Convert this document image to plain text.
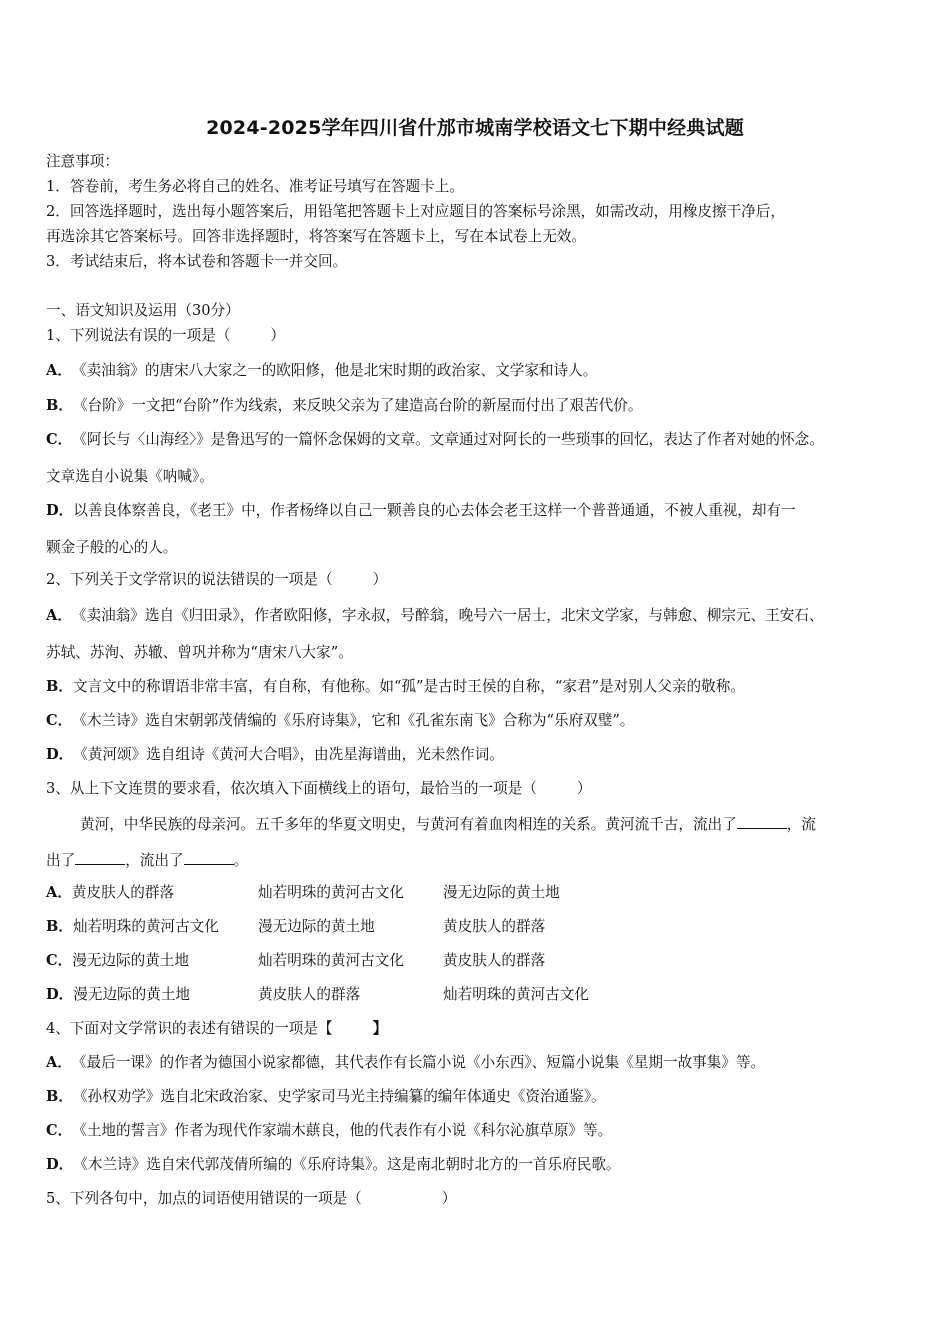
2024-2025学年四川省什邡市城南学校语文七下期中经典试题
注意事项：
1．答卷前，考生务必将自己的姓名、准考证号填写在答题卡上。
2．回答选择题时，选出每小题答案后，用铅笔把答题卡上对应题目的答案标号涂黑，如需改动，用橡皮擦干净后，
再选涂其它答案标号。回答非选择题时，将答案写在答题卡上，写在本试卷上无效。
3．考试结束后，将本试卷和答题卡一并交回。
一、语文知识及运用（30分）
1、下列说法有误的一项是（	）
A．《卖油翁》的唐宋八大家之一的欧阳修，他是北宋时期的政治家、文学家和诗人。
B．《台阶》一文把“台阶”作为线索，来反映父亲为了建造高台阶的新屋而付出了艰苦代价。
C．《阿长与〈山海经〉》是鲁迅写的一篇怀念保姆的文章。文章通过对阿长的一些琐事的回忆，表达了作者对她的怀念。
文章选自小说集《呐喊》。
D．以善良体察善良，《老王》中，作者杨绛以自己一颗善良的心去体会老王这样一个普普通通，不被人重视，却有一
颗金子般的心的人。
2、下列关于文学常识的说法错误的一项是（	）
A．《卖油翁》选自《归田录》，作者欧阳修，字永叔，号醉翁，晚号六一居士，北宋文学家，与韩愈、柳宗元、王安石、
苏轼、苏洵、苏辙、曾巩并称为“唐宋八大家”。
B．文言文中的称谓语非常丰富，有自称，有他称。如“孤”是古时王侯的自称，“家君”是对别人父亲的敬称。
C．《木兰诗》选自宋朝郭茂倩编的《乐府诗集》，它和《孔雀东南飞》合称为“乐府双璧”。
D．《黄河颂》选自组诗《黄河大合唱》，由冼星海谱曲，光未然作词。
3、从上下文连贯的要求看，依次填入下面横线上的语句，最恰当的一项是（	）
黄河，中华民族的母亲河。五千多年的华夏文明史，与黄河有着血肉相连的关系。黄河流千古，流出了	，流
出了	，流出了	。
A．黄皮肤人的群落	灿若明珠的黄河古文化	漫无边际的黄土地
B．灿若明珠的黄河古文化	漫无边际的黄土地	黄皮肤人的群落
C．漫无边际的黄土地	灿若明珠的黄河古文化	黄皮肤人的群落
D．漫无边际的黄土地	黄皮肤人的群落	灿若明珠的黄河古文化
4、下面对文学常识的表述有错误的一项是【	】
A．《最后一课》的作者为德国小说家都德，其代表作有长篇小说《小东西》、短篇小说集《星期一故事集》等。
B．《孙权劝学》选自北宋政治家、史学家司马光主持编纂的编年体通史《资治通鉴》。
C．《土地的誓言》作者为现代作家端木蕻良，他的代表作有小说《科尔沁旗草原》等。
D．《木兰诗》选自宋代郭茂倩所编的《乐府诗集》。这是南北朝时北方的一首乐府民歌。
5、下列各句中，加点的词语使用错误的一项是（	）
